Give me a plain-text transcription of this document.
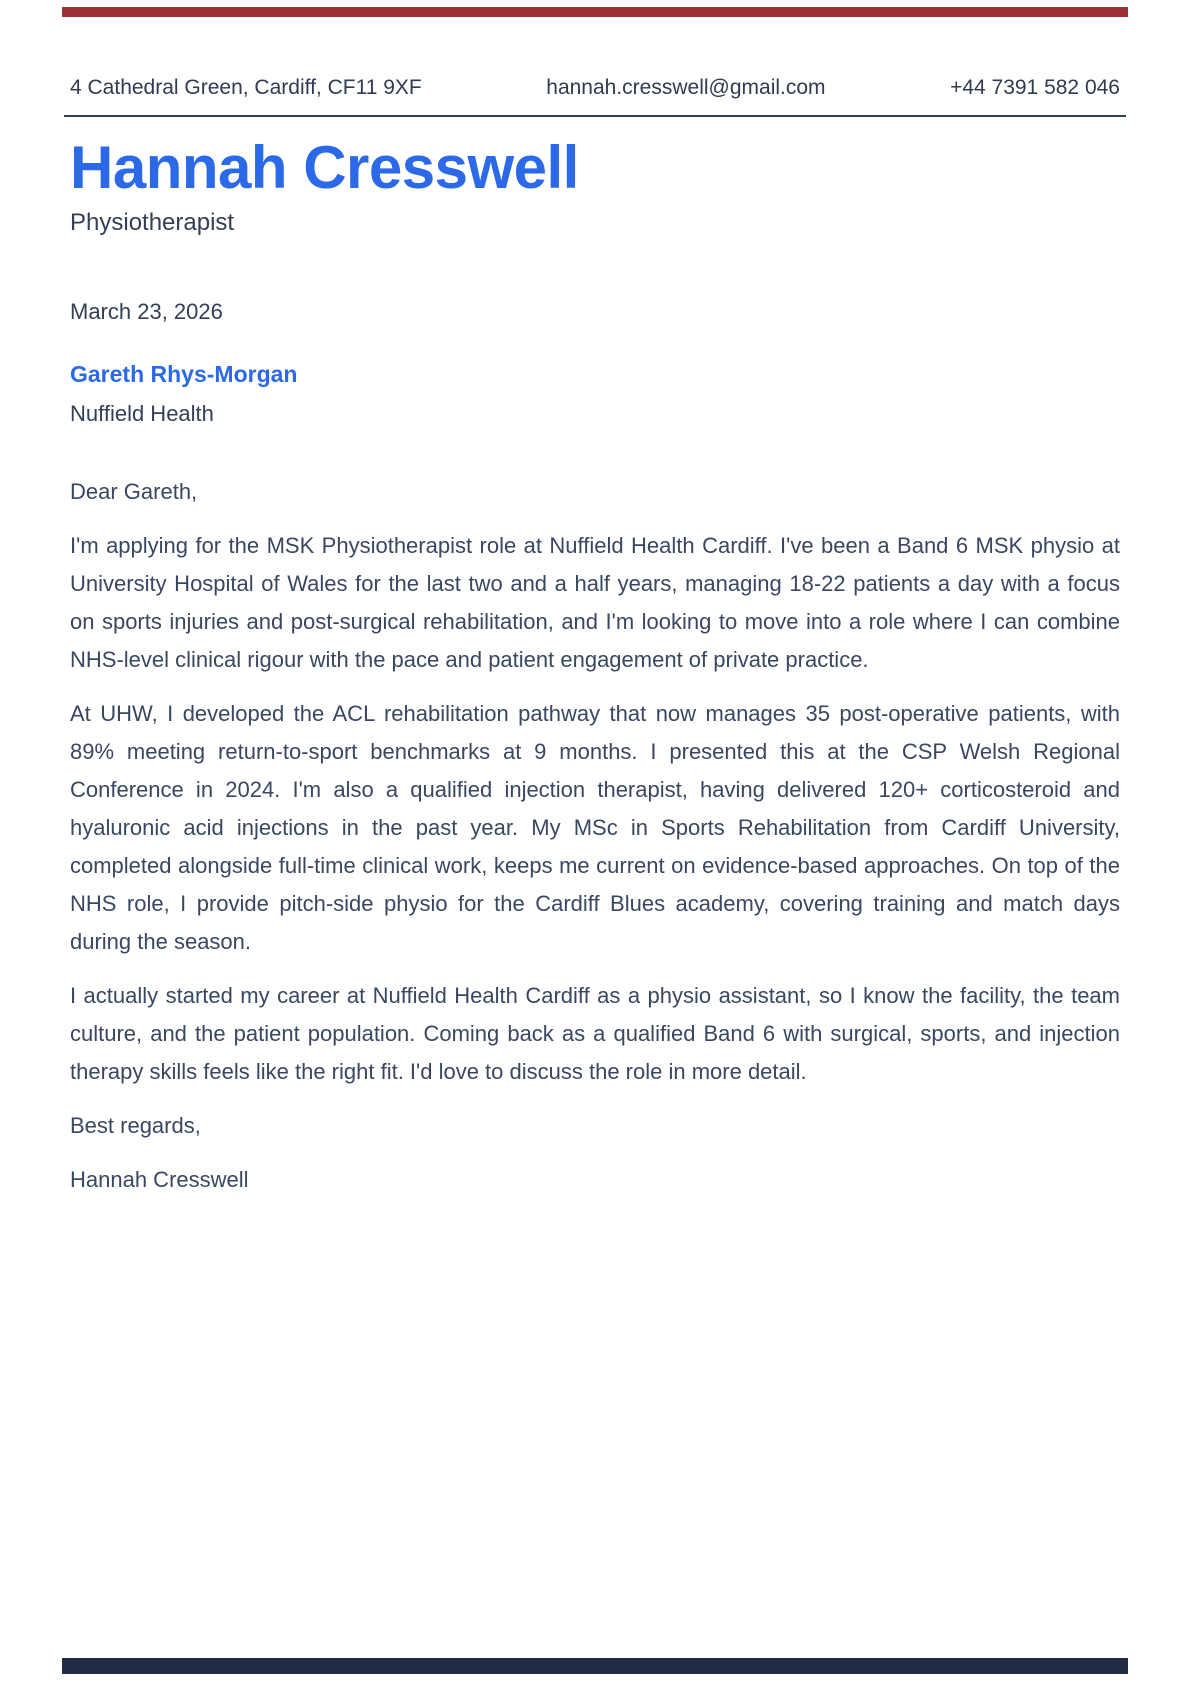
4 Cathedral Green, Cardiff, CF11 9XF	hannah.cresswell@gmail.com	+44 7391 582 046
Hannah Cresswell
Physiotherapist
March 23, 2026
Gareth Rhys-Morgan
Nuffield Health

Dear Gareth,

I'm applying for the MSK Physiotherapist role at Nuffield Health Cardiff. I've been a Band 6 MSK physio at University Hospital of Wales for the last two and a half years, managing 18-22 patients a day with a focus on sports injuries and post-surgical rehabilitation, and I'm looking to move into a role where I can combine NHS-level clinical rigour with the pace and patient engagement of private practice.

At UHW, I developed the ACL rehabilitation pathway that now manages 35 post-operative patients, with 89% meeting return-to-sport benchmarks at 9 months. I presented this at the CSP Welsh Regional Conference in 2024. I'm also a qualified injection therapist, having delivered 120+ corticosteroid and hyaluronic acid injections in the past year. My MSc in Sports Rehabilitation from Cardiff University, completed alongside full-time clinical work, keeps me current on evidence-based approaches. On top of the NHS role, I provide pitch-side physio for the Cardiff Blues academy, covering training and match days during the season.

I actually started my career at Nuffield Health Cardiff as a physio assistant, so I know the facility, the team culture, and the patient population. Coming back as a qualified Band 6 with surgical, sports, and injection therapy skills feels like the right fit. I'd love to discuss the role in more detail.

Best regards,

Hannah Cresswell
